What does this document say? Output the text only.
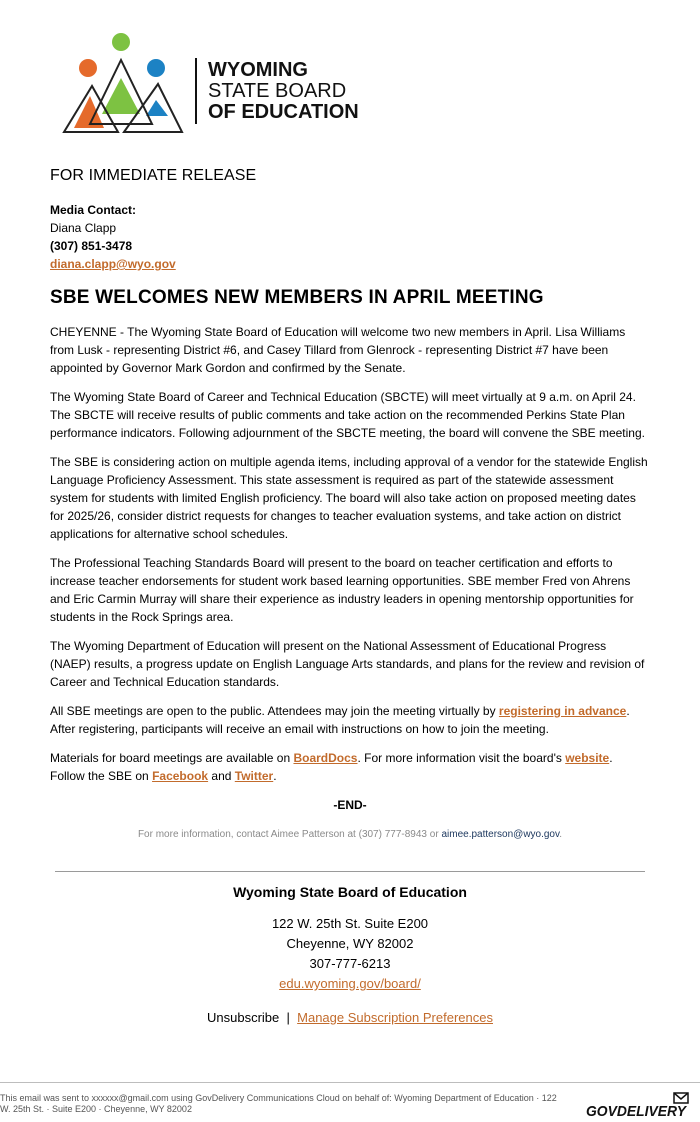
WYOMING
STATE BOARD
OF EDUCATION
FOR IMMEDIATE RELEASE
Media Contact:
Diana Clapp
(307) 851-3478
diana.clapp@wyo.gov
SBE WELCOMES NEW MEMBERS IN APRIL MEETING

CHEYENNE - The Wyoming State Board of Education will welcome two new members in April. Lisa Williams from Lusk - representing District #6, and Casey Tillard from Glenrock - representing District #7 have been appointed by Governor Mark Gordon and confirmed by the Senate.

The Wyoming State Board of Career and Technical Education (SBCTE) will meet virtually at 9 a.m. on April 24. The SBCTE will receive results of public comments and take action on the recommended Perkins State Plan performance indicators. Following adjournment of the SBCTE meeting, the board will convene the SBE meeting.

The SBE is considering action on multiple agenda items, including approval of a vendor for the statewide English Language Proficiency Assessment. This state assessment is required as part of the statewide assessment system for students with limited English proficiency. The board will also take action on proposed meeting dates for 2025/26, consider district requests for changes to teacher evaluation systems, and take action on district applications for alternative school schedules.

The Professional Teaching Standards Board will present to the board on teacher certification and efforts to increase teacher endorsements for student work based learning opportunities. SBE member Fred von Ahrens and Eric Carmin Murray will share their experience as industry leaders in opening mentorship opportunities for students in the Rock Springs area.

The Wyoming Department of Education will present on the National Assessment of Educational Progress (NAEP) results, a progress update on English Language Arts standards, and plans for the review and revision of Career and Technical Education standards.

All SBE meetings are open to the public. Attendees may join the meeting virtually by registering in advance. After registering, participants will receive an email with instructions on how to join the meeting.

Materials for board meetings are available on BoardDocs. For more information visit the board's website. Follow the SBE on Facebook and Twitter.

-END-
For more information, contact Aimee Patterson at (307) 777-8943 or aimee.patterson@wyo.gov.
Wyoming State Board of Education
122 W. 25th St. Suite E200
Cheyenne, WY 82002
307-777-6213
edu.wyoming.gov/board/
Unsubscribe | Manage Subscription Preferences
This email was sent to xxxxxx@gmail.com using GovDelivery Communications Cloud on behalf of: Wyoming Department of Education · 122 W. 25th St. · Suite E200 · Cheyenne, WY 82002	GOVDELIVERY
